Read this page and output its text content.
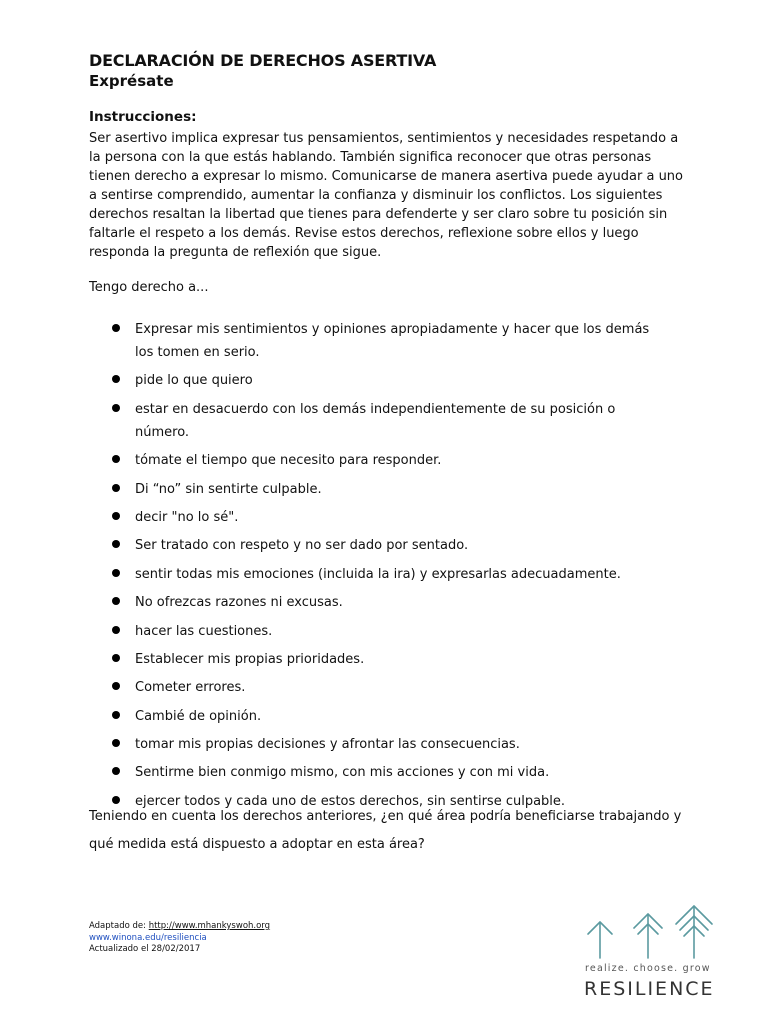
DECLARACIÓN DE DERECHOS ASERTIVA
Exprésate
Instrucciones:
Ser asertivo implica expresar tus pensamientos, sentimientos y necesidades respetando a la persona con la que estás hablando. También significa reconocer que otras personas tienen derecho a expresar lo mismo. Comunicarse de manera asertiva puede ayudar a uno a sentirse comprendido, aumentar la confianza y disminuir los conflictos. Los siguientes derechos resaltan la libertad que tienes para defenderte y ser claro sobre tu posición sin faltarle el respeto a los demás. Revise estos derechos, reflexione sobre ellos y luego responda la pregunta de reflexión que sigue.
Tengo derecho a...
Expresar mis sentimientos y opiniones apropiadamente y hacer que los demás los tomen en serio.
pide lo que quiero
estar en desacuerdo con los demás independientemente de su posición o número.
tómate el tiempo que necesito para responder.
Di “no” sin sentirte culpable.
decir "no lo sé".
Ser tratado con respeto y no ser dado por sentado.
sentir todas mis emociones (incluida la ira) y expresarlas adecuadamente.
No ofrezcas razones ni excusas.
hacer las cuestiones.
Establecer mis propias prioridades.
Cometer errores.
Cambié de opinión.
tomar mis propias decisiones y afrontar las consecuencias.
Sentirme bien conmigo mismo, con mis acciones y con mi vida.
ejercer todos y cada uno de estos derechos, sin sentirse culpable.
Teniendo en cuenta los derechos anteriores, ¿en qué área podría beneficiarse trabajando y qué medida está dispuesto a adoptar en esta área?
Adaptado de: http://www.mhankyswoh.org
www.winona.edu/resiliencia
Actualizado el 28/02/2017
realize. choose. grow
RESILIENCE
